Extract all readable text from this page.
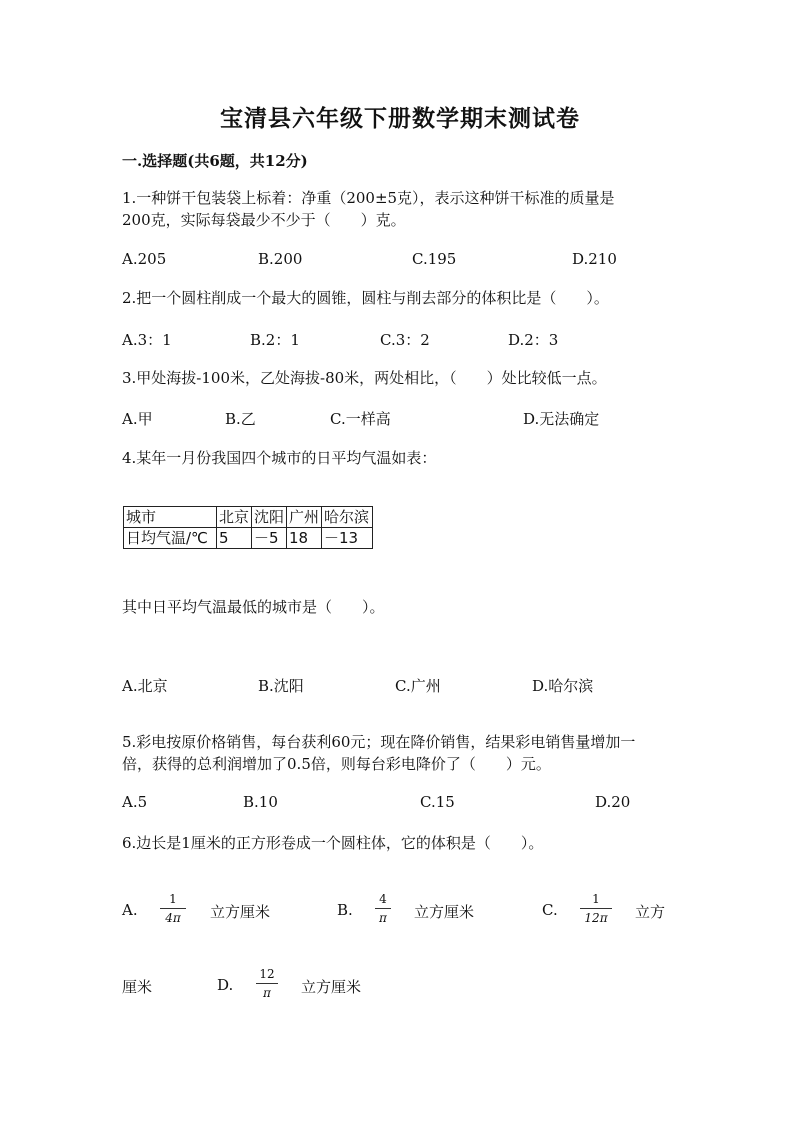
宝清县六年级下册数学期末测试卷
一.选择题(共6题，共12分)
1.一种饼干包装袋上标着：净重（200±5克），表示这种饼干标准的质量是
200克，实际每袋最少不少于（　　）克。
A.205	B.200	C.195	D.210
2.把一个圆柱削成一个最大的圆锥，圆柱与削去部分的体积比是（　　）。
A.3：1	B.2：1	C.3：2	D.2：3
3.甲处海拔-100米，乙处海拔-80米，两处相比，（　　）处比较低一点。
A.甲	B.乙	C.一样高	D.无法确定
4.某年一月份我国四个城市的日平均气温如表：
城市	北京	沈阳	广州	哈尔滨
日均气温/℃	5	－5	18	－13
其中日平均气温最低的城市是（　　）。
A.北京	B.沈阳	C.广州	D.哈尔滨
5.彩电按原价格销售，每台获利60元；现在降价销售，结果彩电销售量增加一
倍，获得的总利润增加了0.5倍，则每台彩电降价了（　　）元。
A.5	B.10	C.15	D.20
6.边长是1厘米的正方形卷成一个圆柱体，它的体积是（　　）。
A.
1
4π	立方厘米	B.
4
π 立方厘米	C.
1
12π 立方
厘米	D.
12
π	立方厘米
